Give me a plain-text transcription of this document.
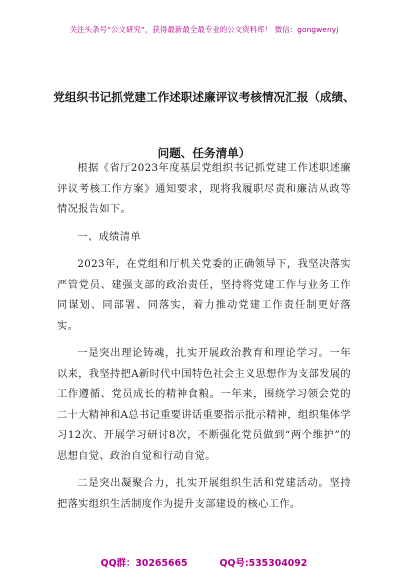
关注头条号“公文研究”，获得最新最全最专业的公文资料库！ 微信：gongwenyj
党组织书记抓党建工作述职述廉评议考核情况汇报（成绩、
问题、任务清单）

根据《省厅2023年度基层党组织书记抓党建工作述职述廉评议考核工作方案》通知要求，现将我履职尽责和廉洁从政等情况报告如下。

一、成绩清单

2023年，在党组和厅机关党委的正确领导下，我坚决落实严管党员、建强支部的政治责任，坚持将党建工作与业务工作同谋划、同部署、同落实，着力推动党建工作责任制更好落实。

一是突出理论铸魂，扎实开展政治教育和理论学习。一年以来，我坚持把A新时代中国特色社会主义思想作为支部发展的工作遵循、党员成长的精神食粮。一年来，围绕学习领会党的二十大精神和A总书记重要讲话重要指示批示精神，组织集体学习12次、开展学习研讨8次，不断强化党员做到“两个维护”的思想自觉、政治自觉和行动自觉。

二是突出凝聚合力，扎实开展组织生活和党建活动。坚持把落实组织生活制度作为提升支部建设的核心工作。

QQ群：30265665	QQ号:535304092
